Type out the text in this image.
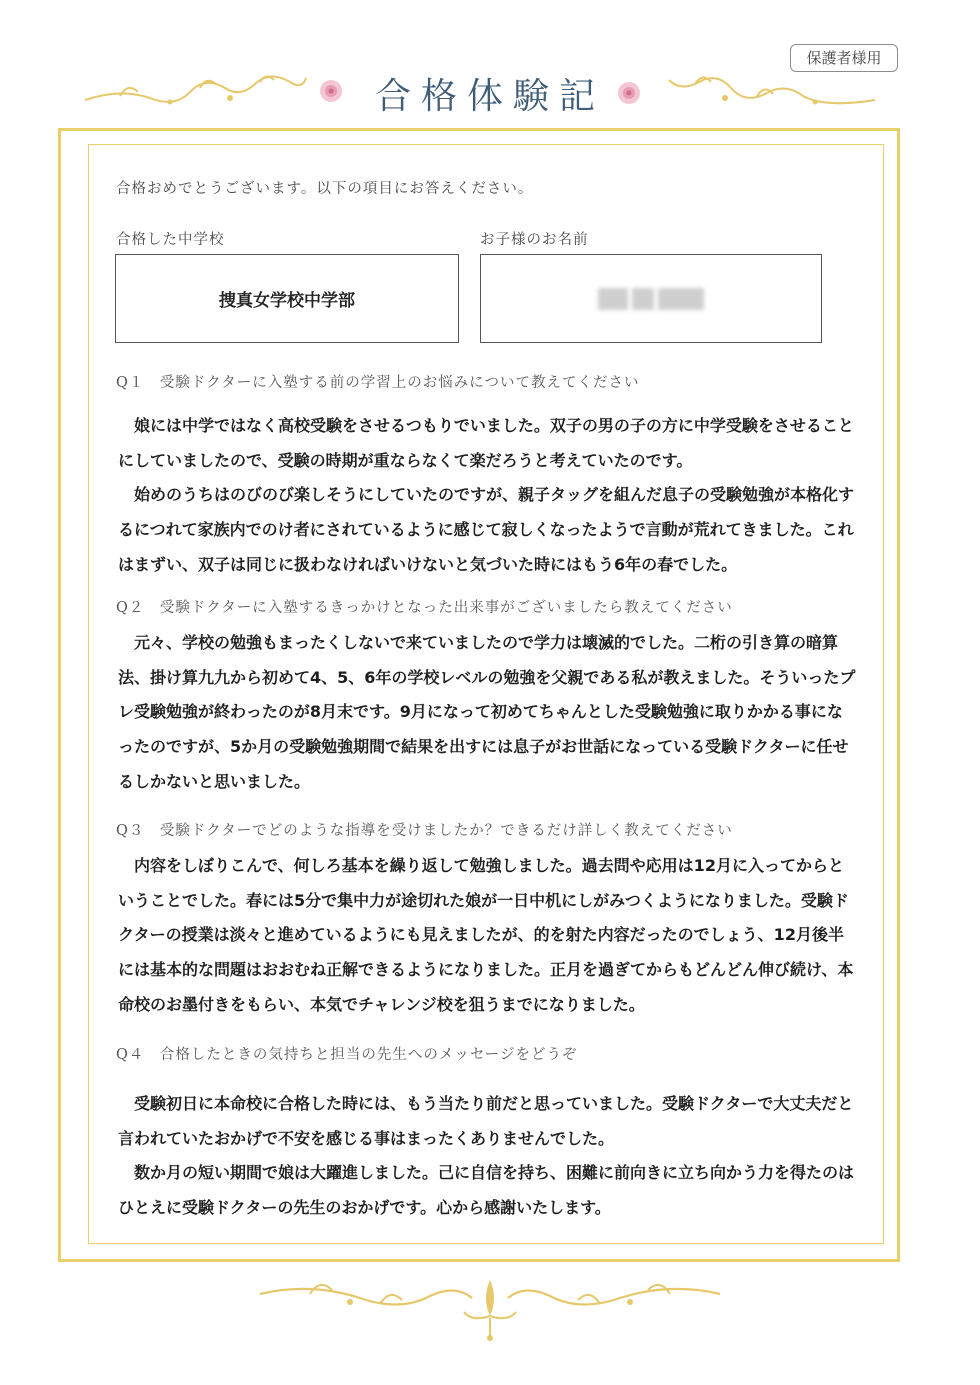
保護者様用
合格体験記
合格おめでとうございます。以下の項目にお答えください。
合格した中学校
捜真女学校中学部
お子様のお名前
Q１　受験ドクターに入塾する前の学習上のお悩みについて教えてください

娘には中学ではなく高校受験をさせるつもりでいました。双子の男の子の方に中学受験をさせることにしていましたので、受験の時期が重ならなくて楽だろうと考えていたのです。

始めのうちはのびのび楽しそうにしていたのですが、親子タッグを組んだ息子の受験勉強が本格化するにつれて家族内でのけ者にされているように感じて寂しくなったようで言動が荒れてきました。これはまずい、双子は同じに扱わなければいけないと気づいた時にはもう6年の春でした。

Q２　受験ドクターに入塾するきっかけとなった出来事がございましたら教えてください

元々、学校の勉強もまったくしないで来ていましたので学力は壊滅的でした。二桁の引き算の暗算法、掛け算九九から初めて4、5、6年の学校レベルの勉強を父親である私が教えました。そういったプレ受験勉強が終わったのが8月末です。9月になって初めてちゃんとした受験勉強に取りかかる事になったのですが、5か月の受験勉強期間で結果を出すには息子がお世話になっている受験ドクターに任せるしかないと思いました。

Q３　受験ドクターでどのような指導を受けましたか？できるだけ詳しく教えてください

内容をしぼりこんで、何しろ基本を繰り返して勉強しました。過去問や応用は12月に入ってからということでした。春には5分で集中力が途切れた娘が一日中机にしがみつくようになりました。受験ドクターの授業は淡々と進めているようにも見えましたが、的を射た内容だったのでしょう、12月後半には基本的な問題はおおむね正解できるようになりました。正月を過ぎてからもどんどん伸び続け、本命校のお墨付きをもらい、本気でチャレンジ校を狙うまでになりました。

Q４　合格したときの気持ちと担当の先生へのメッセージをどうぞ

受験初日に本命校に合格した時には、もう当たり前だと思っていました。受験ドクターで大丈夫だと言われていたおかげで不安を感じる事はまったくありませんでした。

数か月の短い期間で娘は大躍進しました。己に自信を持ち、困難に前向きに立ち向かう力を得たのはひとえに受験ドクターの先生のおかげです。心から感謝いたします。
